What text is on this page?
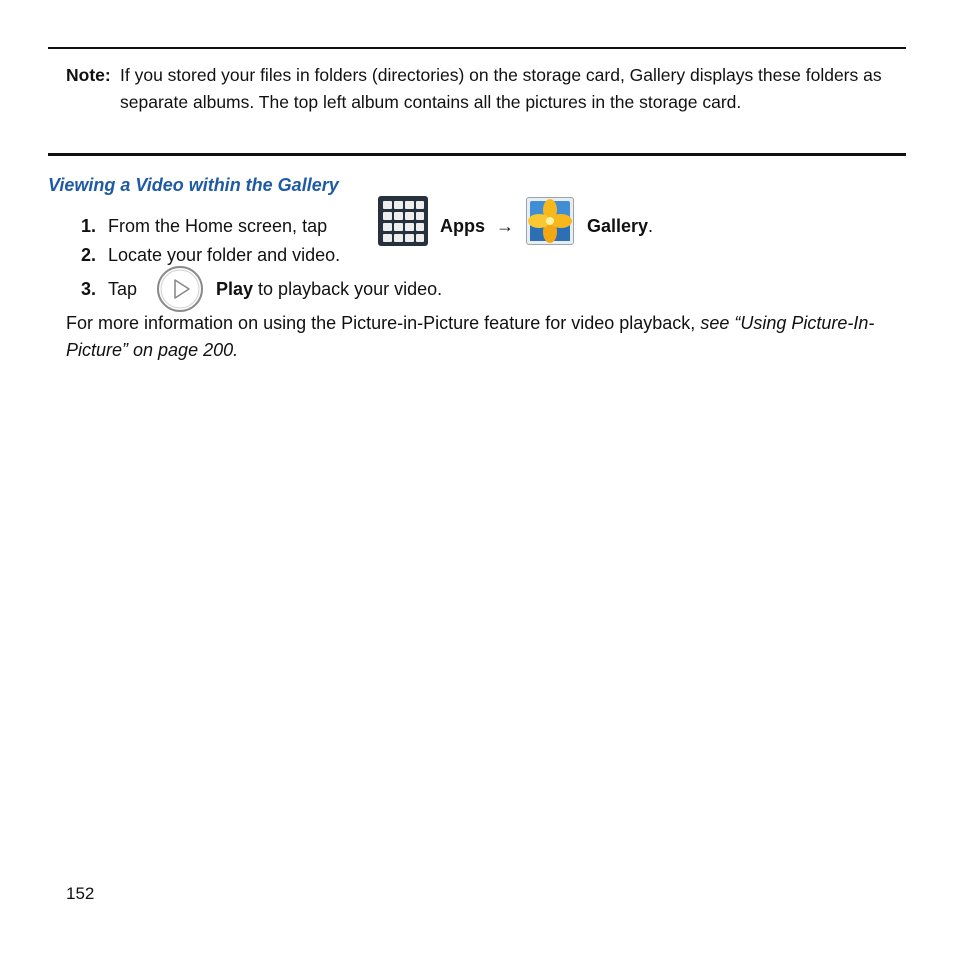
Note: If you stored your files in folders (directories) on the storage card, Gallery displays these folders as separate albums. The top left album contains all the pictures in the storage card.
Viewing a Video within the Gallery
1. From the Home screen, tap	Apps →	Gallery.
2. Locate your folder and video.
3. Tap	Play to playback your video.
For more information on using the Picture-in-Picture feature for video playback, see “Using Picture-In-Picture” on page 200.
152
